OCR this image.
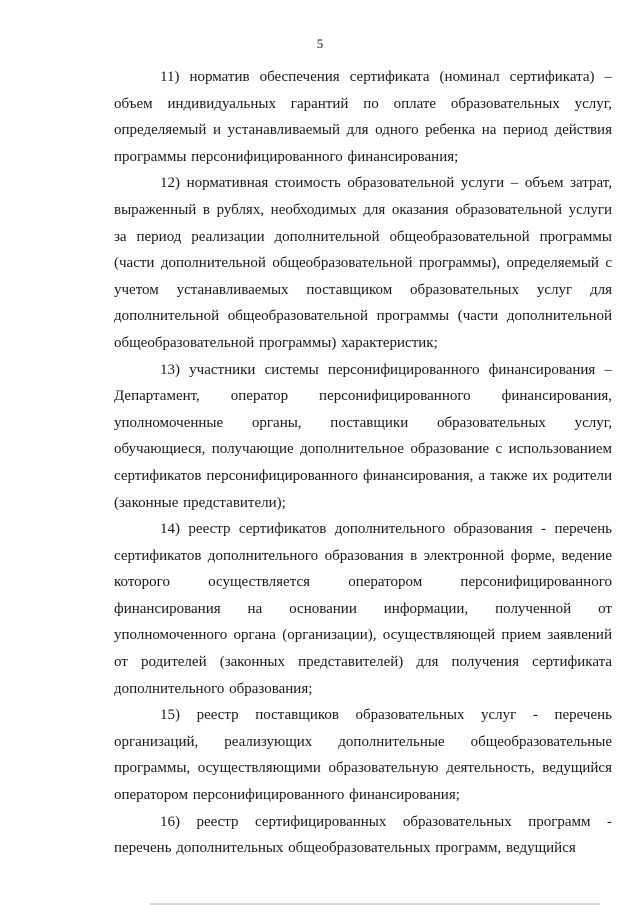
5

11) норматив обеспечения сертификата (номинал сертификата) – объем индивидуальных гарантий по оплате образовательных услуг, определяемый и устанавливаемый для одного ребенка на период действия программы персонифицированного финансирования;

12) нормативная стоимость образовательной услуги – объем затрат, выраженный в рублях, необходимых для оказания образовательной услуги за период реализации дополнительной общеобразовательной программы (части дополнительной общеобразовательной программы), определяемый с учетом устанавливаемых поставщиком образовательных услуг для дополнительной общеобразовательной программы (части дополнительной общеобразовательной программы) характеристик;

13) участники системы персонифицированного финансирования – Департамент, оператор персонифицированного финансирования, уполномоченные органы, поставщики образовательных услуг, обучающиеся, получающие дополнительное образование с использованием сертификатов персонифицированного финансирования, а также их родители (законные представители);

14) реестр сертификатов дополнительного образования - перечень сертификатов дополнительного образования в электронной форме, ведение которого осуществляется оператором персонифицированного финансирования на основании информации, полученной от уполномоченного органа (организации), осуществляющей прием заявлений от родителей (законных представителей) для получения сертификата дополнительного образования;

15) реестр поставщиков образовательных услуг - перечень организаций, реализующих дополнительные общеобразовательные программы, осуществляющими образовательную деятельность, ведущийся оператором персонифицированного финансирования;

16) реестр сертифицированных образовательных программ - перечень дополнительных общеобразовательных программ, ведущийся
